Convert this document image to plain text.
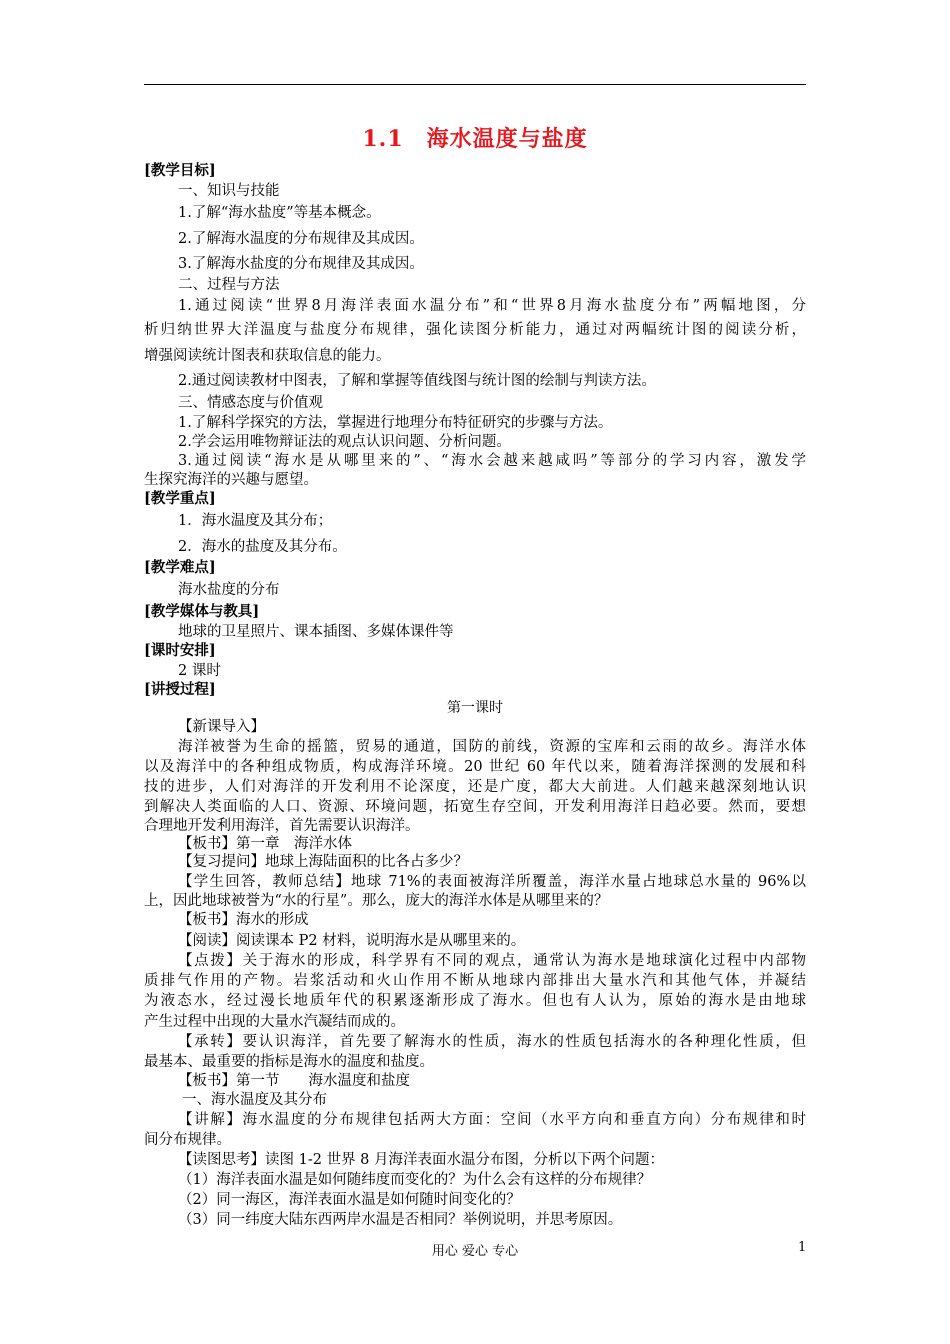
1.1　海水温度与盐度
[教学目标]
一、知识与技能
1.了解“海水盐度”等基本概念。
2.了解海水温度的分布规律及其成因。
3.了解海水盐度的分布规律及其成因。
二、过程与方法
1.通过阅读“世界8月海洋表面水温分布”和“世界8月海水盐度分布”两幅地图，分
析归纳世界大洋温度与盐度分布规律，强化读图分析能力，通过对两幅统计图的阅读分析，
增强阅读统计图表和获取信息的能力。
2.通过阅读教材中图表，了解和掌握等值线图与统计图的绘制与判读方法。
三、情感态度与价值观
1.了解科学探究的方法，掌握进行地理分布特征研究的步骤与方法。
2.学会运用唯物辩证法的观点认识问题、分析问题。
3.通过阅读“海水是从哪里来的”、“海水会越来越咸吗”等部分的学习内容，激发学
生探究海洋的兴趣与愿望。
[教学重点]
1．海水温度及其分布；
2．海水的盐度及其分布。
[教学难点]
海水盐度的分布
[教学媒体与教具]
地球的卫星照片、课本插图、多媒体课件等
[课时安排]
2 课时
[讲授过程]
第一课时
【新课导入】
海洋被誉为生命的摇篮，贸易的通道，国防的前线，资源的宝库和云雨的故乡。海洋水体
以及海洋中的各种组成物质，构成海洋环境。20 世纪 60 年代以来，随着海洋探测的发展和科
技的进步，人们对海洋的开发利用不论深度，还是广度，都大大前进。人们越来越深刻地认识
到解决人类面临的人口、资源、环境问题，拓宽生存空间，开发利用海洋日趋必要。然而，要想
合理地开发利用海洋，首先需要认识海洋。
【板书】第一章　海洋水体
【复习提问】地球上海陆面积的比各占多少？
【学生回答，教师总结】地球 71%的表面被海洋所覆盖，海洋水量占地球总水量的 96%以
上，因此地球被誉为“水的行星”。那么，庞大的海洋水体是从哪里来的？
【板书】海水的形成
【阅读】阅读课本 P2 材料，说明海水是从哪里来的。
【点拨】关于海水的形成，科学界有不同的观点，通常认为海水是地球演化过程中内部物
质排气作用的产物。岩浆活动和火山作用不断从地球内部排出大量水汽和其他气体，并凝结
为液态水，经过漫长地质年代的积累逐渐形成了海水。但也有人认为，原始的海水是由地球
产生过程中出现的大量水汽凝结而成的。
【承转】要认识海洋，首先要了解海水的性质，海水的性质包括海水的各种理化性质，但
最基本、最重要的指标是海水的温度和盐度。
【板书】第一节　　海水温度和盐度
一、海水温度及其分布
【讲解】海水温度的分布规律包括两大方面：空间（水平方向和垂直方向）分布规律和时
间分布规律。
【读图思考】读图 1-2 世界 8 月海洋表面水温分布图，分析以下两个问题：
（1）海洋表面水温是如何随纬度而变化的？为什么会有这样的分布规律？
（2）同一海区，海洋表面水温是如何随时间变化的？
（3）同一纬度大陆东西两岸水温是否相同？举例说明，并思考原因。
用心 爱心 专心	1
